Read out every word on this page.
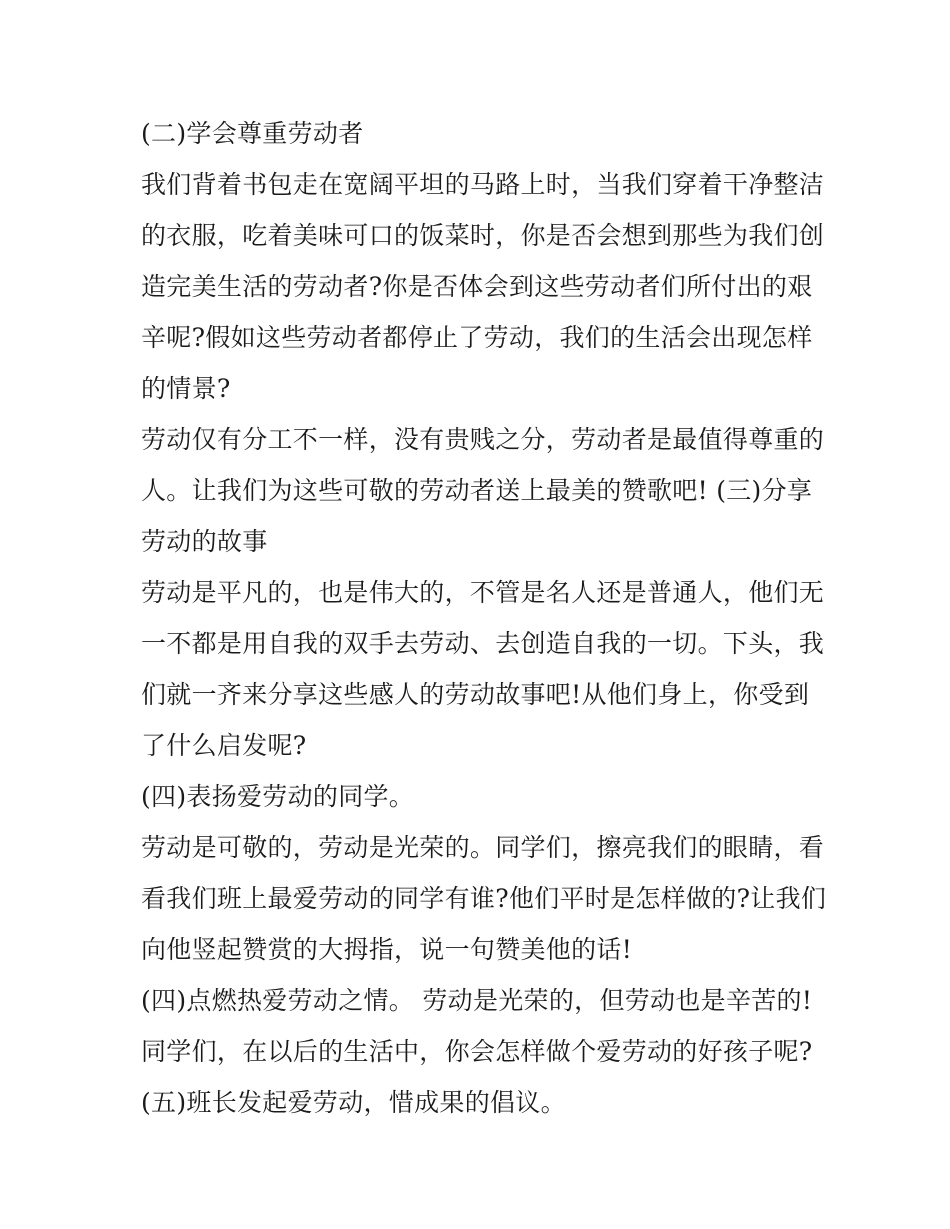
(二)学会尊重劳动者
我们背着书包走在宽阔平坦的马路上时，当我们穿着干净整洁
的衣服，吃着美味可口的饭菜时，你是否会想到那些为我们创
造完美生活的劳动者?你是否体会到这些劳动者们所付出的艰
辛呢?假如这些劳动者都停止了劳动，我们的生活会出现怎样
的情景?
劳动仅有分工不一样，没有贵贱之分，劳动者是最值得尊重的
人。让我们为这些可敬的劳动者送上最美的赞歌吧! (三)分享
劳动的故事
劳动是平凡的，也是伟大的，不管是名人还是普通人，他们无
一不都是用自我的双手去劳动、去创造自我的一切。下头，我
们就一齐来分享这些感人的劳动故事吧!从他们身上，你受到
了什么启发呢?
(四)表扬爱劳动的同学。
劳动是可敬的，劳动是光荣的。同学们，擦亮我们的眼睛，看
看我们班上最爱劳动的同学有谁?他们平时是怎样做的?让我们
向他竖起赞赏的大拇指，说一句赞美他的话!
(四)点燃热爱劳动之情。 劳动是光荣的，但劳动也是辛苦的!
同学们，在以后的生活中，你会怎样做个爱劳动的好孩子呢?
(五)班长发起爱劳动，惜成果的倡议。
